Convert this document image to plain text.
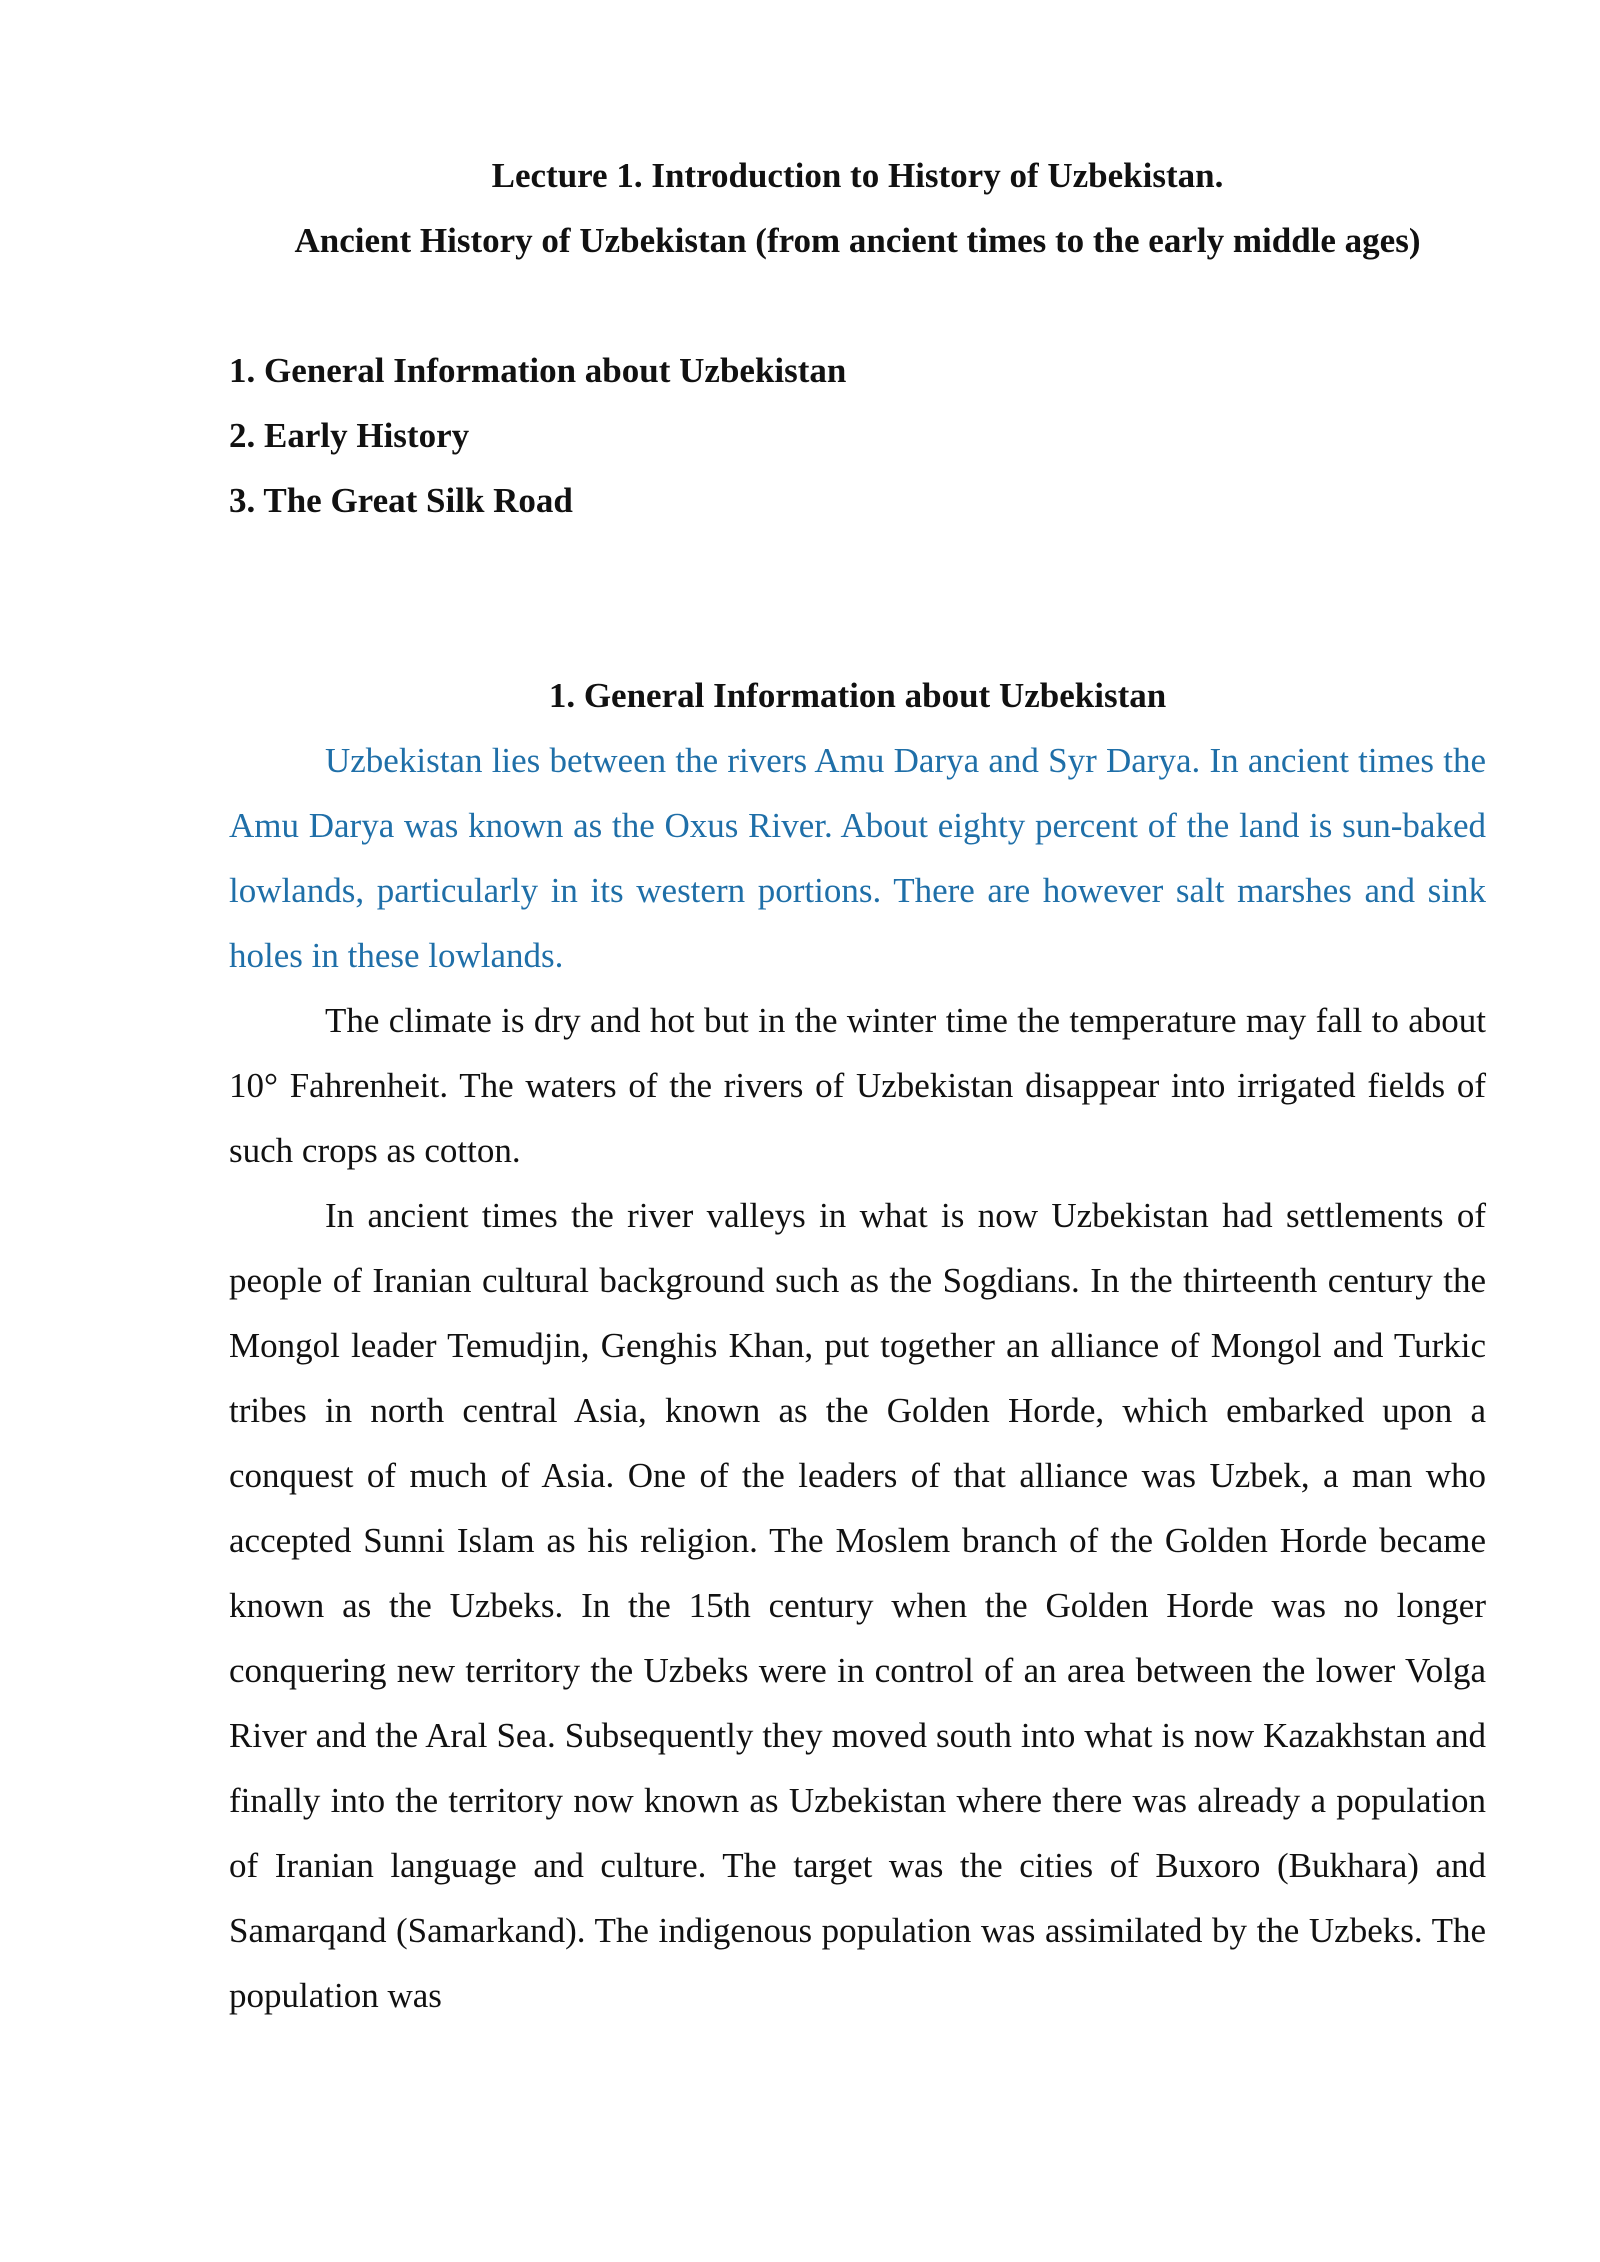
Lecture 1. Introduction to History of Uzbekistan.
Ancient History of Uzbekistan (from ancient times to the early middle ages)
1. General Information about Uzbekistan
2. Early History
3. The Great Silk Road
1. General Information about Uzbekistan

Uzbekistan lies between the rivers Amu Darya and Syr Darya. In ancient times the Amu Darya was known as the Oxus River. About eighty percent of the land is sun-baked lowlands, particularly in its western portions. There are however salt marshes and sink holes in these lowlands.

The climate is dry and hot but in the winter time the temperature may fall to about 10° Fahrenheit. The waters of the rivers of Uzbekistan disappear into irrigated fields of such crops as cotton.

In ancient times the river valleys in what is now Uzbekistan had settlements of people of Iranian cultural background such as the Sogdians. In the thirteenth century the Mongol leader Temudjin, Genghis Khan, put together an alliance of Mongol and Turkic tribes in north central Asia, known as the Golden Horde, which embarked upon a conquest of much of Asia. One of the leaders of that alliance was Uzbek, a man who accepted Sunni Islam as his religion. The Moslem branch of the Golden Horde became known as the Uzbeks. In the 15th century when the Golden Horde was no longer conquering new territory the Uzbeks were in control of an area between the lower Volga River and the Aral Sea. Subsequently they moved south into what is now Kazakhstan and finally into the territory now known as Uzbekistan where there was already a population of Iranian language and culture. The target was the cities of Buxoro (Bukhara) and Samarqand (Samarkand). The indigenous population was assimilated by the Uzbeks. The population was
